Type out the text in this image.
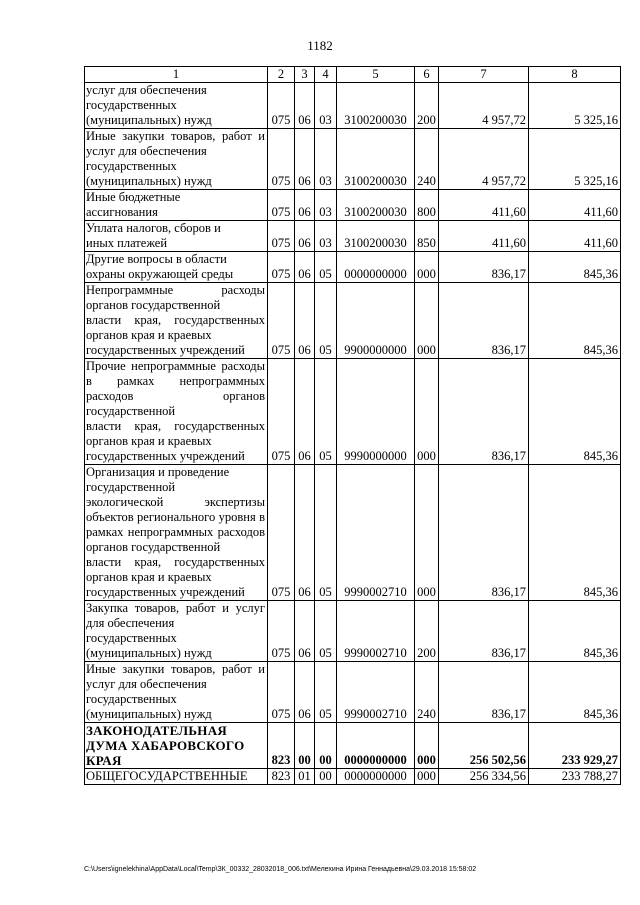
1182
1	2	3	4	5	6	7	8
услуг для обеспечения
государственных
(муниципальных) нужд	075	06	03	3100200030	200	4 957,72	5 325,16
Иные закупки товаров, работ и услуг для обеспечения
государственных
(муниципальных) нужд	075	06	03	3100200030	240	4 957,72	5 325,16
Иные бюджетные
ассигнования	075	06	03	3100200030	800	411,60	411,60
Уплата налогов, сборов и
иных платежей	075	06	03	3100200030	850	411,60	411,60
Другие вопросы в области
охраны окружающей среды	075	06	05	0000000000	000	836,17	845,36
Непрограммные расходы органов государственной
власти края, государственных органов края и краевых
государственных учреждений	075	06	05	9900000000	000	836,17	845,36
Прочие непрограммные расходы в рамках непрограммных расходов органов государственной
власти края, государственных органов края и краевых
государственных учреждений	075	06	05	9990000000	000	836,17	845,36
Организация и проведение
государственной
экологической экспертизы объектов регионального уровня в рамках непрограммных расходов органов государственной
власти края, государственных органов края и краевых
государственных учреждений	075	06	05	9990002710	000	836,17	845,36
Закупка товаров, работ и услуг для обеспечения
государственных
(муниципальных) нужд	075	06	05	9990002710	200	836,17	845,36
Иные закупки товаров, работ и услуг для обеспечения
государственных
(муниципальных) нужд	075	06	05	9990002710	240	836,17	845,36
ЗАКОНОДАТЕЛЬНАЯ
ДУМА ХАБАРОВСКОГО
КРАЯ	823	00	00	0000000000	000	256 502,56	233 929,27
ОБЩЕГОСУДАРСТВЕННЫЕ	823	01	00	0000000000	000	256 334,56	233 788,27
C:\Users\ignelekhina\AppData\Local\Temp\ЗК_00332_28032018_006.txt\Мелехина Ирина Геннадьевна\29.03.2018 15:58:02
